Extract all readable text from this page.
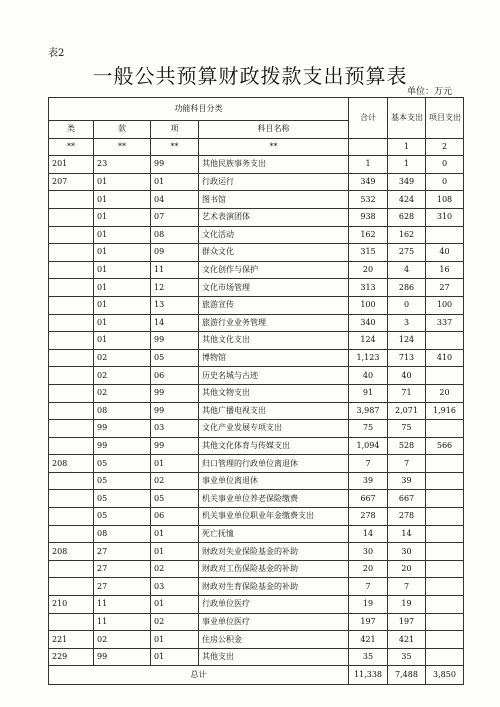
表2
一般公共预算财政拨款支出预算表
单位：万元
功能科目分类				合计	基本支出	项目支出
类	款	项	科目名称			
**	**	**	**		1	2
201	23	99	其他民族事务支出	1	1	0
207	01	01	行政运行	349	349	0
	01	04	图书馆	532	424	108
	01	07	艺术表演团体	938	628	310
	01	08	文化活动	162	162	
	01	09	群众文化	315	275	40
	01	11	文化创作与保护	20	4	16
	01	12	文化市场管理	313	286	27
	01	13	旅游宣传	100	0	100
	01	14	旅游行业业务管理	340	3	337
	01	99	其他文化支出	124	124	
	02	05	博物馆	1,123	713	410
	02	06	历史名城与古迹	40	40	
	02	99	其他文物支出	91	71	20
	08	99	其他广播电视支出	3,987	2,071	1,916
	99	03	文化产业发展专项支出	75	75	
	99	99	其他文化体育与传媒支出	1,094	528	566
208	05	01	归口管理的行政单位离退休	7	7	
	05	02	事业单位离退休	39	39	
	05	05	机关事业单位养老保险缴费	667	667	
	05	06	机关事业单位职业年金缴费支出	278	278	
	08	01	死亡抚恤	14	14	
208	27	01	财政对失业保险基金的补助	30	30	
	27	02	财政对工伤保险基金的补助	20	20	
	27	03	财政对生育保险基金的补助	7	7	
210	11	01	行政单位医疗	19	19	
	11	02	事业单位医疗	197	197	
221	02	01	住房公积金	421	421	
229	99	01	其他支出	35	35	
总计				11,338	7,488	3,850
